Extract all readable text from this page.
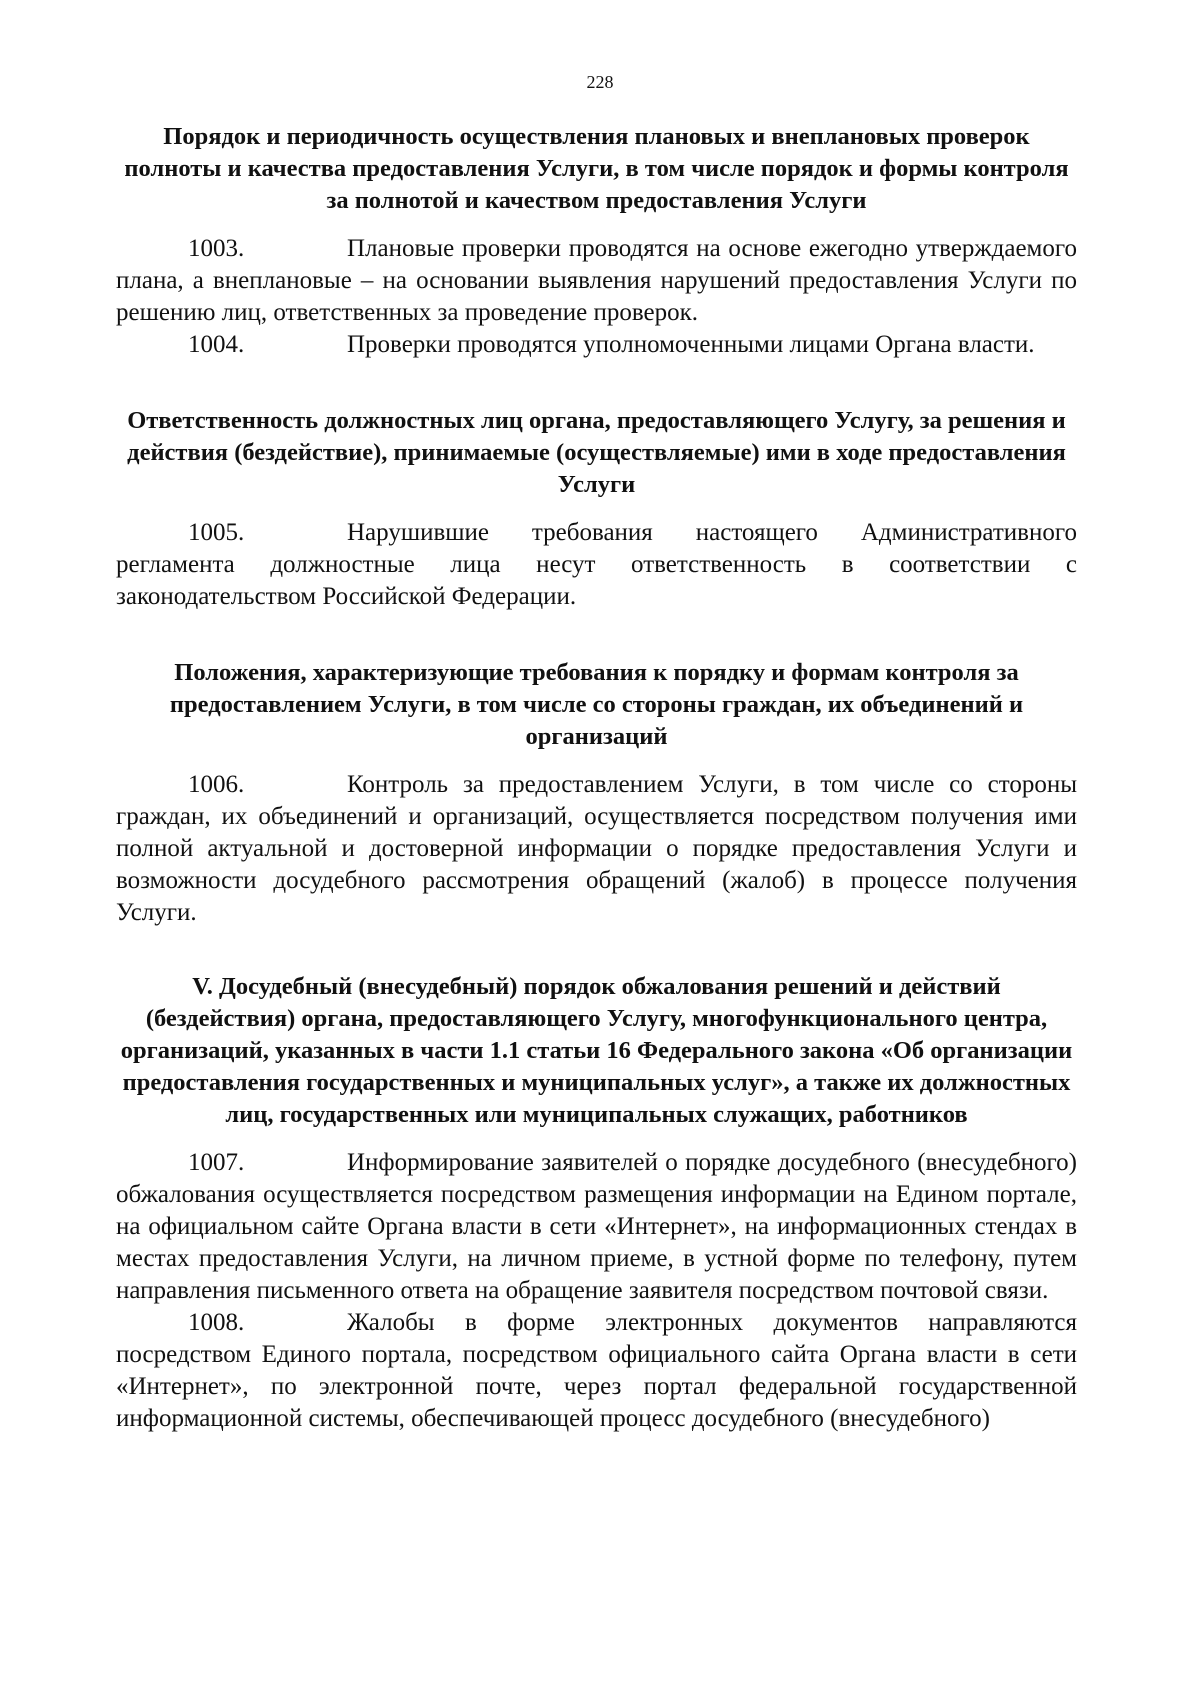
228
Порядок и периодичность осуществления плановых и внеплановых проверок полноты и качества предоставления Услуги, в том числе порядок и формы контроля за полнотой и качеством предоставления Услуги

1003.	Плановые проверки проводятся на основе ежегодно утверждаемого плана, а внеплановые – на основании выявления нарушений предоставления Услуги по решению лиц, ответственных за проведение проверок.

1004.	Проверки проводятся уполномоченными лицами Органа власти.

Ответственность должностных лиц органа, предоставляющего Услугу, за решения и действия (бездействие), принимаемые (осуществляемые) ими в ходе предоставления Услуги

1005.	Нарушившие требования настоящего Административного регламента должностные лица несут ответственность в соответствии с законодательством Российской Федерации.

Положения, характеризующие требования к порядку и формам контроля за предоставлением Услуги, в том числе со стороны граждан, их объединений и организаций

1006.	Контроль за предоставлением Услуги, в том числе со стороны граждан, их объединений и организаций, осуществляется посредством получения ими полной актуальной и достоверной информации о порядке предоставления Услуги и возможности досудебного рассмотрения обращений (жалоб) в процессе получения Услуги.

V. Досудебный (внесудебный) порядок обжалования решений и действий (бездействия) органа, предоставляющего Услугу, многофункционального центра, организаций, указанных в части 1.1 статьи 16 Федерального закона «Об организации предоставления государственных и муниципальных услуг», а также их должностных лиц, государственных или муниципальных служащих, работников

1007.	Информирование заявителей о порядке досудебного (внесудебного) обжалования осуществляется посредством размещения информации на Едином портале, на официальном сайте Органа власти в сети «Интернет», на информационных стендах в местах предоставления Услуги, на личном приеме, в устной форме по телефону, путем направления письменного ответа на обращение заявителя посредством почтовой связи.

1008.	Жалобы в форме электронных документов направляются посредством Единого портала, посредством официального сайта Органа власти в сети «Интернет», по электронной почте, через портал федеральной государственной информационной системы, обеспечивающей процесс досудебного (внесудебного)
